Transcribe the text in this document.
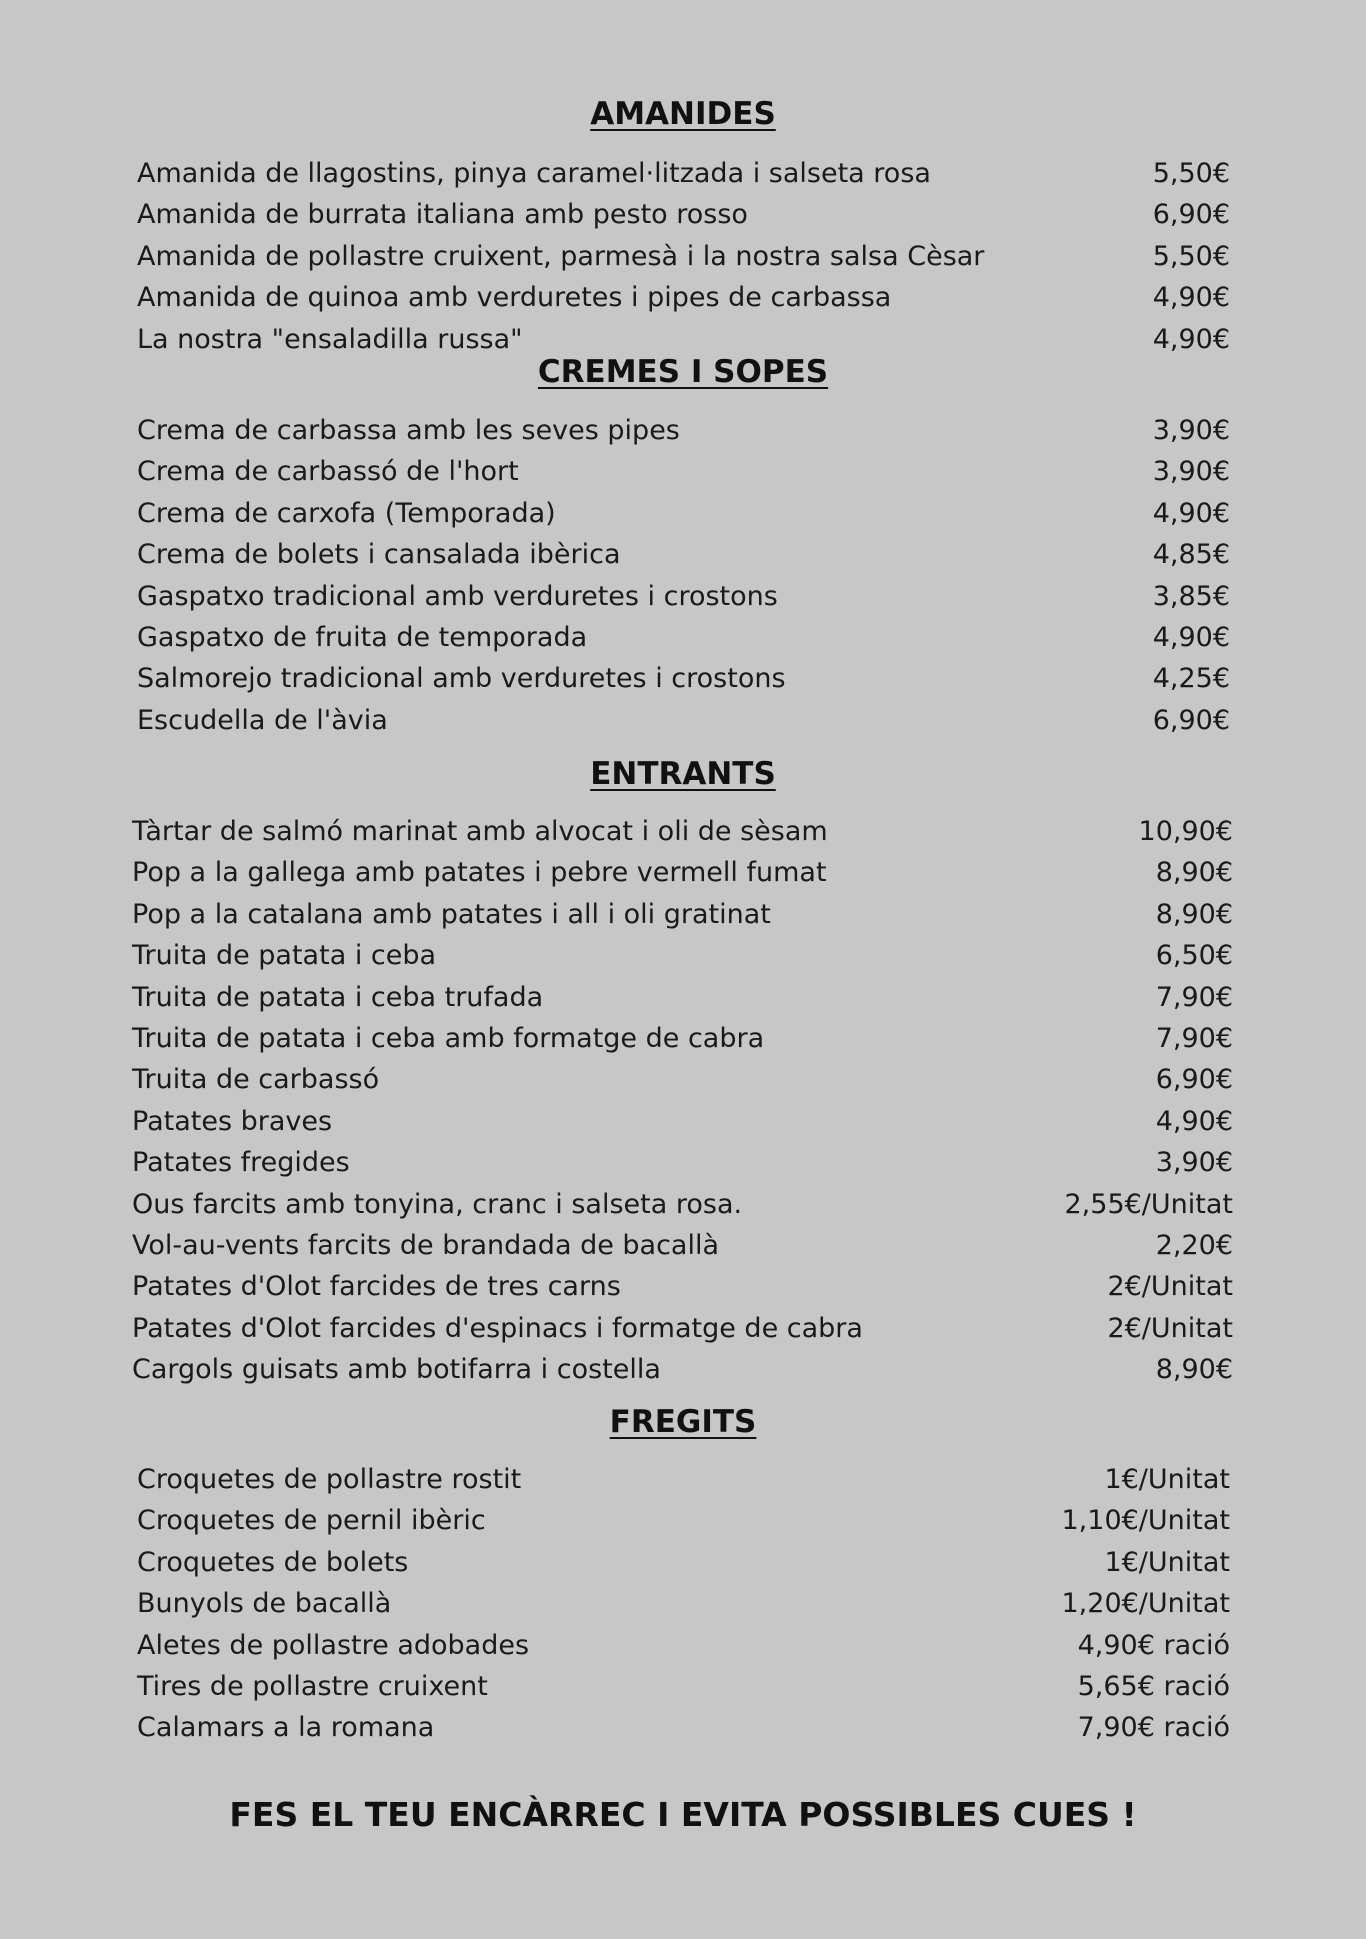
AMANIDES
Amanida de llagostins, pinya caramel·litzada i salseta rosa	5,50€
Amanida de burrata italiana amb pesto rosso	6,90€
Amanida de pollastre cruixent, parmesà i la nostra salsa Cèsar	5,50€
Amanida de quinoa amb verduretes i pipes de carbassa	4,90€
La nostra "ensaladilla russa"	4,90€
CREMES I SOPES
Crema de carbassa amb les seves pipes	3,90€
Crema de carbassó de l'hort	3,90€
Crema de carxofa (Temporada)	4,90€
Crema de bolets i cansalada ibèrica	4,85€
Gaspatxo tradicional amb verduretes i crostons	3,85€
Gaspatxo de fruita de temporada	4,90€
Salmorejo tradicional amb verduretes i crostons	4,25€
Escudella de l'àvia	6,90€
ENTRANTS
Tàrtar de salmó marinat amb alvocat i oli de sèsam	10,90€
Pop a la gallega amb patates i pebre vermell fumat	8,90€
Pop a la catalana amb patates i all i oli gratinat	8,90€
Truita de patata i ceba	6,50€
Truita de patata i ceba trufada	7,90€
Truita de patata i ceba amb formatge de cabra	7,90€
Truita de carbassó	6,90€
Patates braves	4,90€
Patates fregides	3,90€
Ous farcits amb tonyina, cranc i salseta rosa.	2,55€/Unitat
Vol-au-vents farcits de brandada de bacallà	2,20€
Patates d'Olot farcides de tres carns	2€/Unitat
Patates d'Olot farcides d'espinacs i formatge de cabra	2€/Unitat
Cargols guisats amb botifarra i costella	8,90€
FREGITS
Croquetes de pollastre rostit	1€/Unitat
Croquetes de pernil ibèric	1,10€/Unitat
Croquetes de bolets	1€/Unitat
Bunyols de bacallà	1,20€/Unitat
Aletes de pollastre adobades	4,90€ ració
Tires de pollastre cruixent	5,65€ ració
Calamars a la romana	7,90€ ració

FES EL TEU ENCÀRREC I EVITA POSSIBLES CUES !
